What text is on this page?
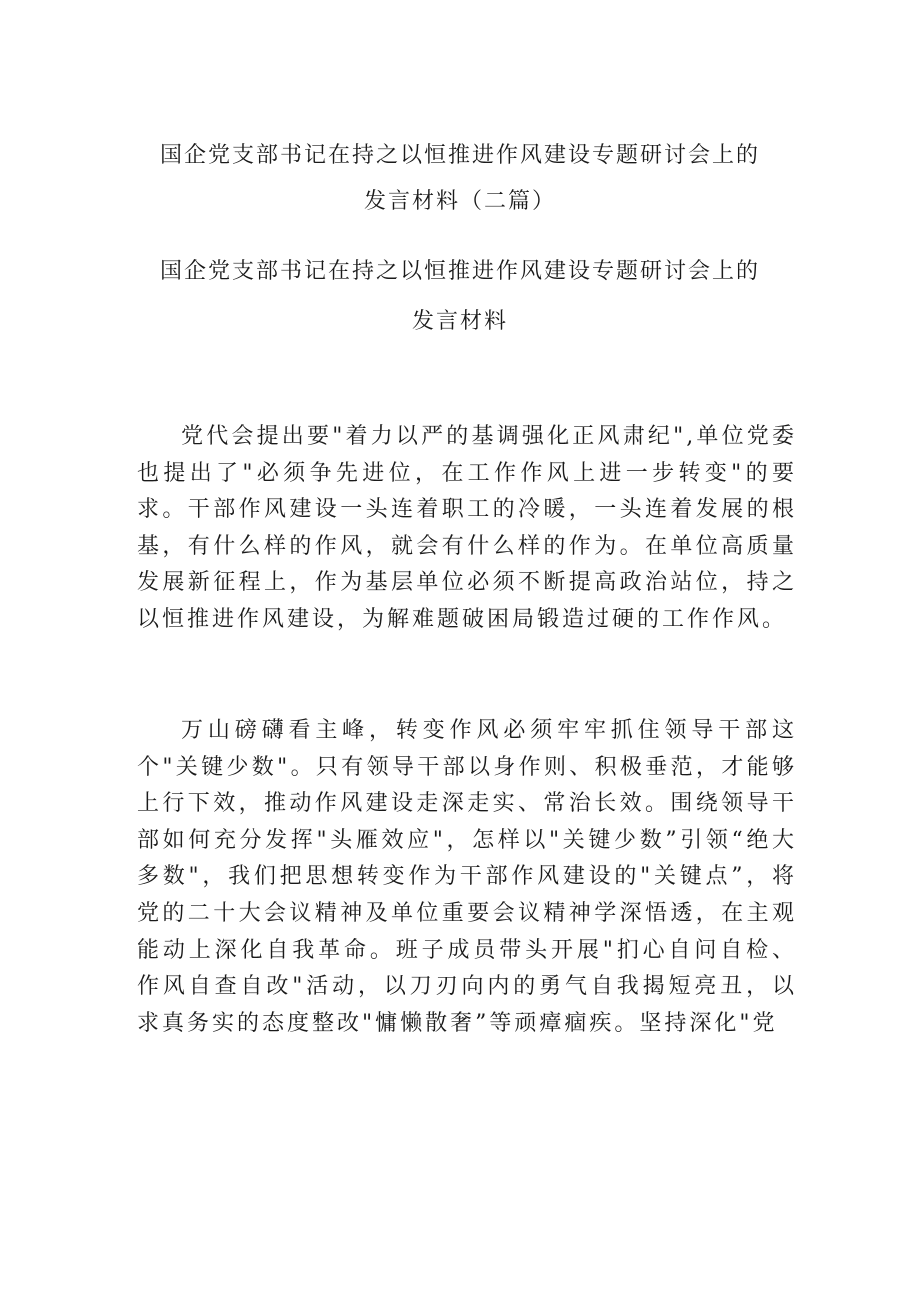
国企党支部书记在持之以恒推进作风建设专题研讨会上的
发言材料（二篇）
国企党支部书记在持之以恒推进作风建设专题研讨会上的
发言材料

党代会提出要"着力以严的基调强化正风肃纪",单位党委也提出了"必须争先进位，在工作作风上进一步转变"的要求。干部作风建设一头连着职工的冷暖，一头连着发展的根基，有什么样的作风，就会有什么样的作为。在单位高质量发展新征程上，作为基层单位必须不断提高政治站位，持之以恒推进作风建设，为解难题破困局锻造过硬的工作作风。

万山磅礴看主峰，转变作风必须牢牢抓住领导干部这个"关键少数"。只有领导干部以身作则、积极垂范，才能够上行下效，推动作风建设走深走实、常治长效。围绕领导干部如何充分发挥"头雁效应"，怎样以"关键少数”引领“绝大多数"，我们把思想转变作为干部作风建设的"关键点”，将党的二十大会议精神及单位重要会议精神学深悟透，在主观能动上深化自我革命。班子成员带头开展"扪心自问自检、作风自查自改"活动，以刀刃向内的勇气自我揭短亮丑，以求真务实的态度整改"慵懒散奢”等顽瘴痼疾。坚持深化"党
